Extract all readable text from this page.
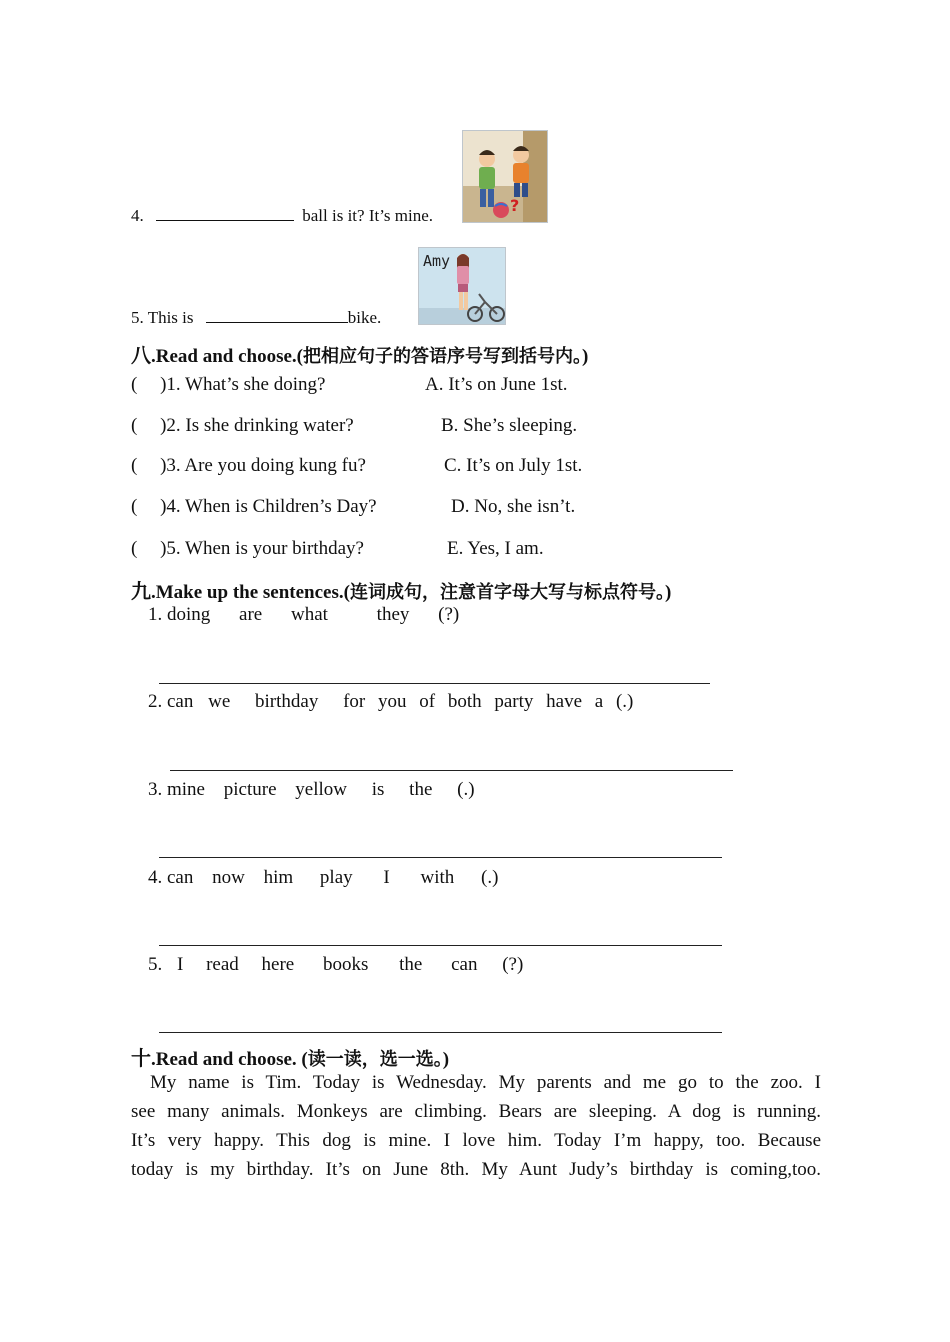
4.	ball is it? It’s mine.
?
5. This is	bike.
Amy
八.Read and choose.(把相应句子的答语序号写到括号内。)
( )1. What’s she doing?	A. It’s on June 1st.
( )2. Is she drinking water?	B. She’s sleeping.
( )3. Are you doing kung fu?	C. It’s on July 1st.
( )4. When is Children’s Day?	D. No, she isn’t.
( )5. When is your birthday?	E. Yes, I am.
九.Make up the sentences.(连词成句，注意首字母大写与标点符号。)
1. doing are what	they (?)
2. can we birthday for you of both party have a (.)
3. mine picture yellow is the (.)
4. can now him play I with (.)
5. I read here books the can (?)
十.Read and choose. (读一读，选一选。)

My name is Tim. Today is Wednesday. My parents and me go to the zoo. I

see many animals. Monkeys are climbing. Bears are sleeping. A dog is running.

It’s very happy. This dog is mine. I love him. Today I’m happy, too. Because

today is my birthday. It’s on June 8th. My Aunt Judy’s birthday is coming,too.
